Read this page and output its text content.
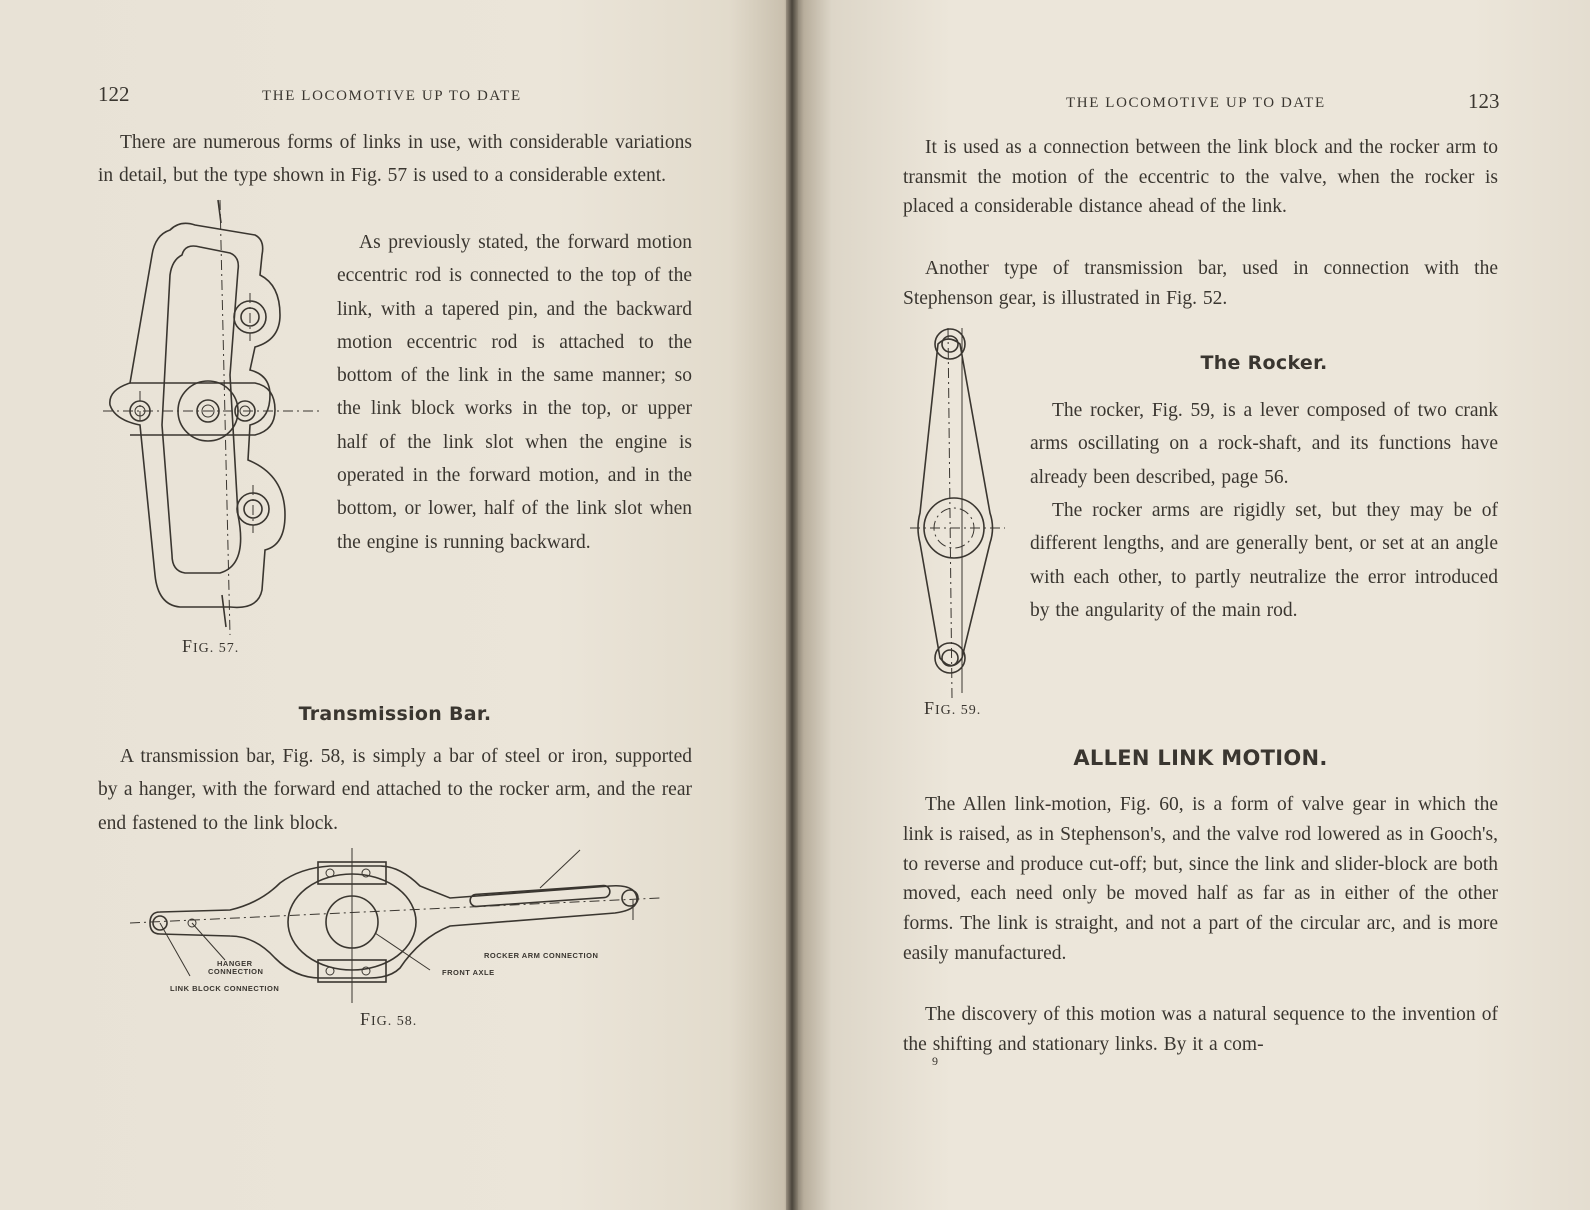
122	THE LOCOMOTIVE UP TO DATE

There are numerous forms of links in use, with considerable variations in detail, but the type shown in Fig. 57 is used to a considerable extent.

As previously stated, the forward motion eccentric rod is connected to the top of the link, with a tapered pin, and the backward motion eccentric rod is attached to the bottom of the link in the same manner; so the link block works in the top, or upper half of the link slot when the engine is operated in the forward motion, and in the bottom, or lower, half of the link slot when the engine is running backward.

FIG. 57.
Transmission Bar.

A transmission bar, Fig. 58, is simply a bar of steel or iron, supported by a hanger, with the forward end attached to the rocker arm, and the rear end fastened to the link block.

HANGER
CONNECTION
LINK BLOCK CONNECTION
FRONT AXLE
ROCKER ARM CONNECTION
FIG. 58.
THE LOCOMOTIVE UP TO DATE	123

It is used as a connection between the link block and the rocker arm to transmit the motion of the eccentric to the valve, when the rocker is placed a considerable distance ahead of the link.

Another type of transmission bar, used in connection with the Stephenson gear, is illustrated in Fig. 52.

FIG. 59.
The Rocker.

The rocker, Fig. 59, is a lever composed of two crank arms oscillating on a rock-shaft, and its functions have already been described, page 56.

The rocker arms are rigidly set, but they may be of different lengths, and are generally bent, or set at an angle with each other, to partly neutralize the error introduced by the angularity of the main rod.

ALLEN LINK MOTION.

The Allen link-motion, Fig. 60, is a form of valve gear in which the link is raised, as in Stephenson's, and the valve rod lowered as in Gooch's, to reverse and produce cut-off; but, since the link and slider-block are both moved, each need only be moved half as far as in either of the other forms. The link is straight, and not a part of the circular arc, and is more easily manufactured.

The discovery of this motion was a natural sequence to the invention of the shifting and stationary links. By it a com-

9
